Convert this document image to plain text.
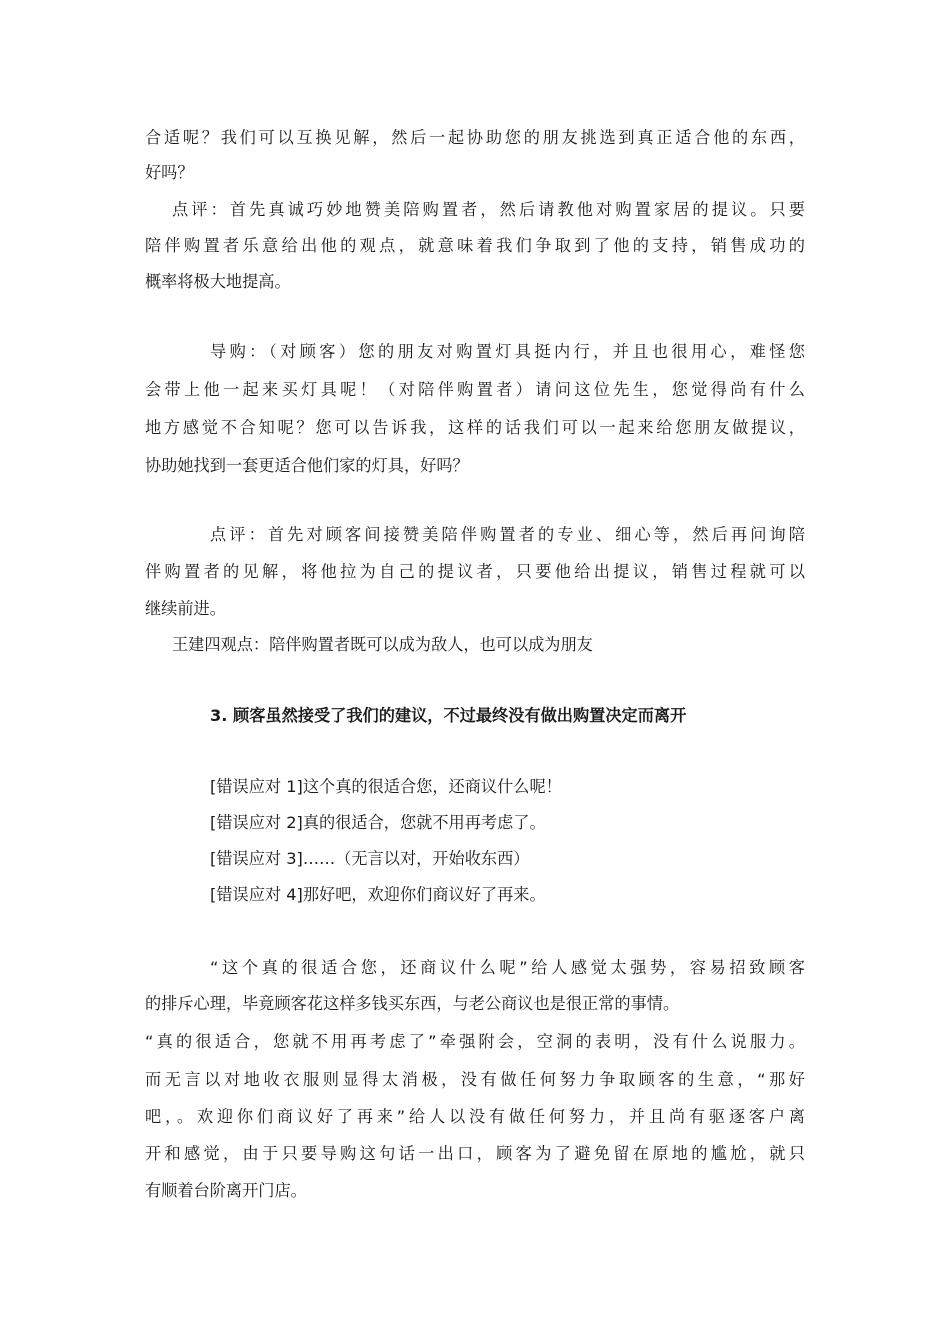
合适呢？我们可以互换见解，然后一起协助您的朋友挑选到真正适合他的东西，
好吗？
点评：首先真诚巧妙地赞美陪购置者，然后请教他对购置家居的提议。只要
陪伴购置者乐意给出他的观点，就意味着我们争取到了他的支持，销售成功的
概率将极大地提高。
导购：（对顾客）您的朋友对购置灯具挺内行，并且也很用心，难怪您
会带上他一起来买灯具呢！（对陪伴购置者）请问这位先生，您觉得尚有什么
地方感觉不合知呢？您可以告诉我，这样的话我们可以一起来给您朋友做提议，
协助她找到一套更适合他们家的灯具，好吗？
点评：首先对顾客间接赞美陪伴购置者的专业、细心等，然后再问询陪
伴购置者的见解，将他拉为自己的提议者，只要他给出提议，销售过程就可以
继续前进。
王建四观点：陪伴购置者既可以成为敌人，也可以成为朋友
3. 顾客虽然接受了我们的建议，不过最终没有做出购置决定而离开
[错误应对 1]这个真的很适合您，还商议什么呢！
[错误应对 2]真的很适合，您就不用再考虑了。
[错误应对 3]……（无言以对，开始收东西）
[错误应对 4]那好吧，欢迎你们商议好了再来。
“这个真的很适合您，还商议什么呢”给人感觉太强势，容易招致顾客
的排斥心理，毕竟顾客花这样多钱买东西，与老公商议也是很正常的事情。
“真的很适合，您就不用再考虑了”牵强附会，空洞的表明，没有什么说服力。
而无言以对地收衣服则显得太消极，没有做任何努力争取顾客的生意，“那好
吧，。欢迎你们商议好了再来”给人以没有做任何努力，并且尚有驱逐客户离
开和感觉，由于只要导购这句话一出口，顾客为了避免留在原地的尴尬，就只
有顺着台阶离开门店。
